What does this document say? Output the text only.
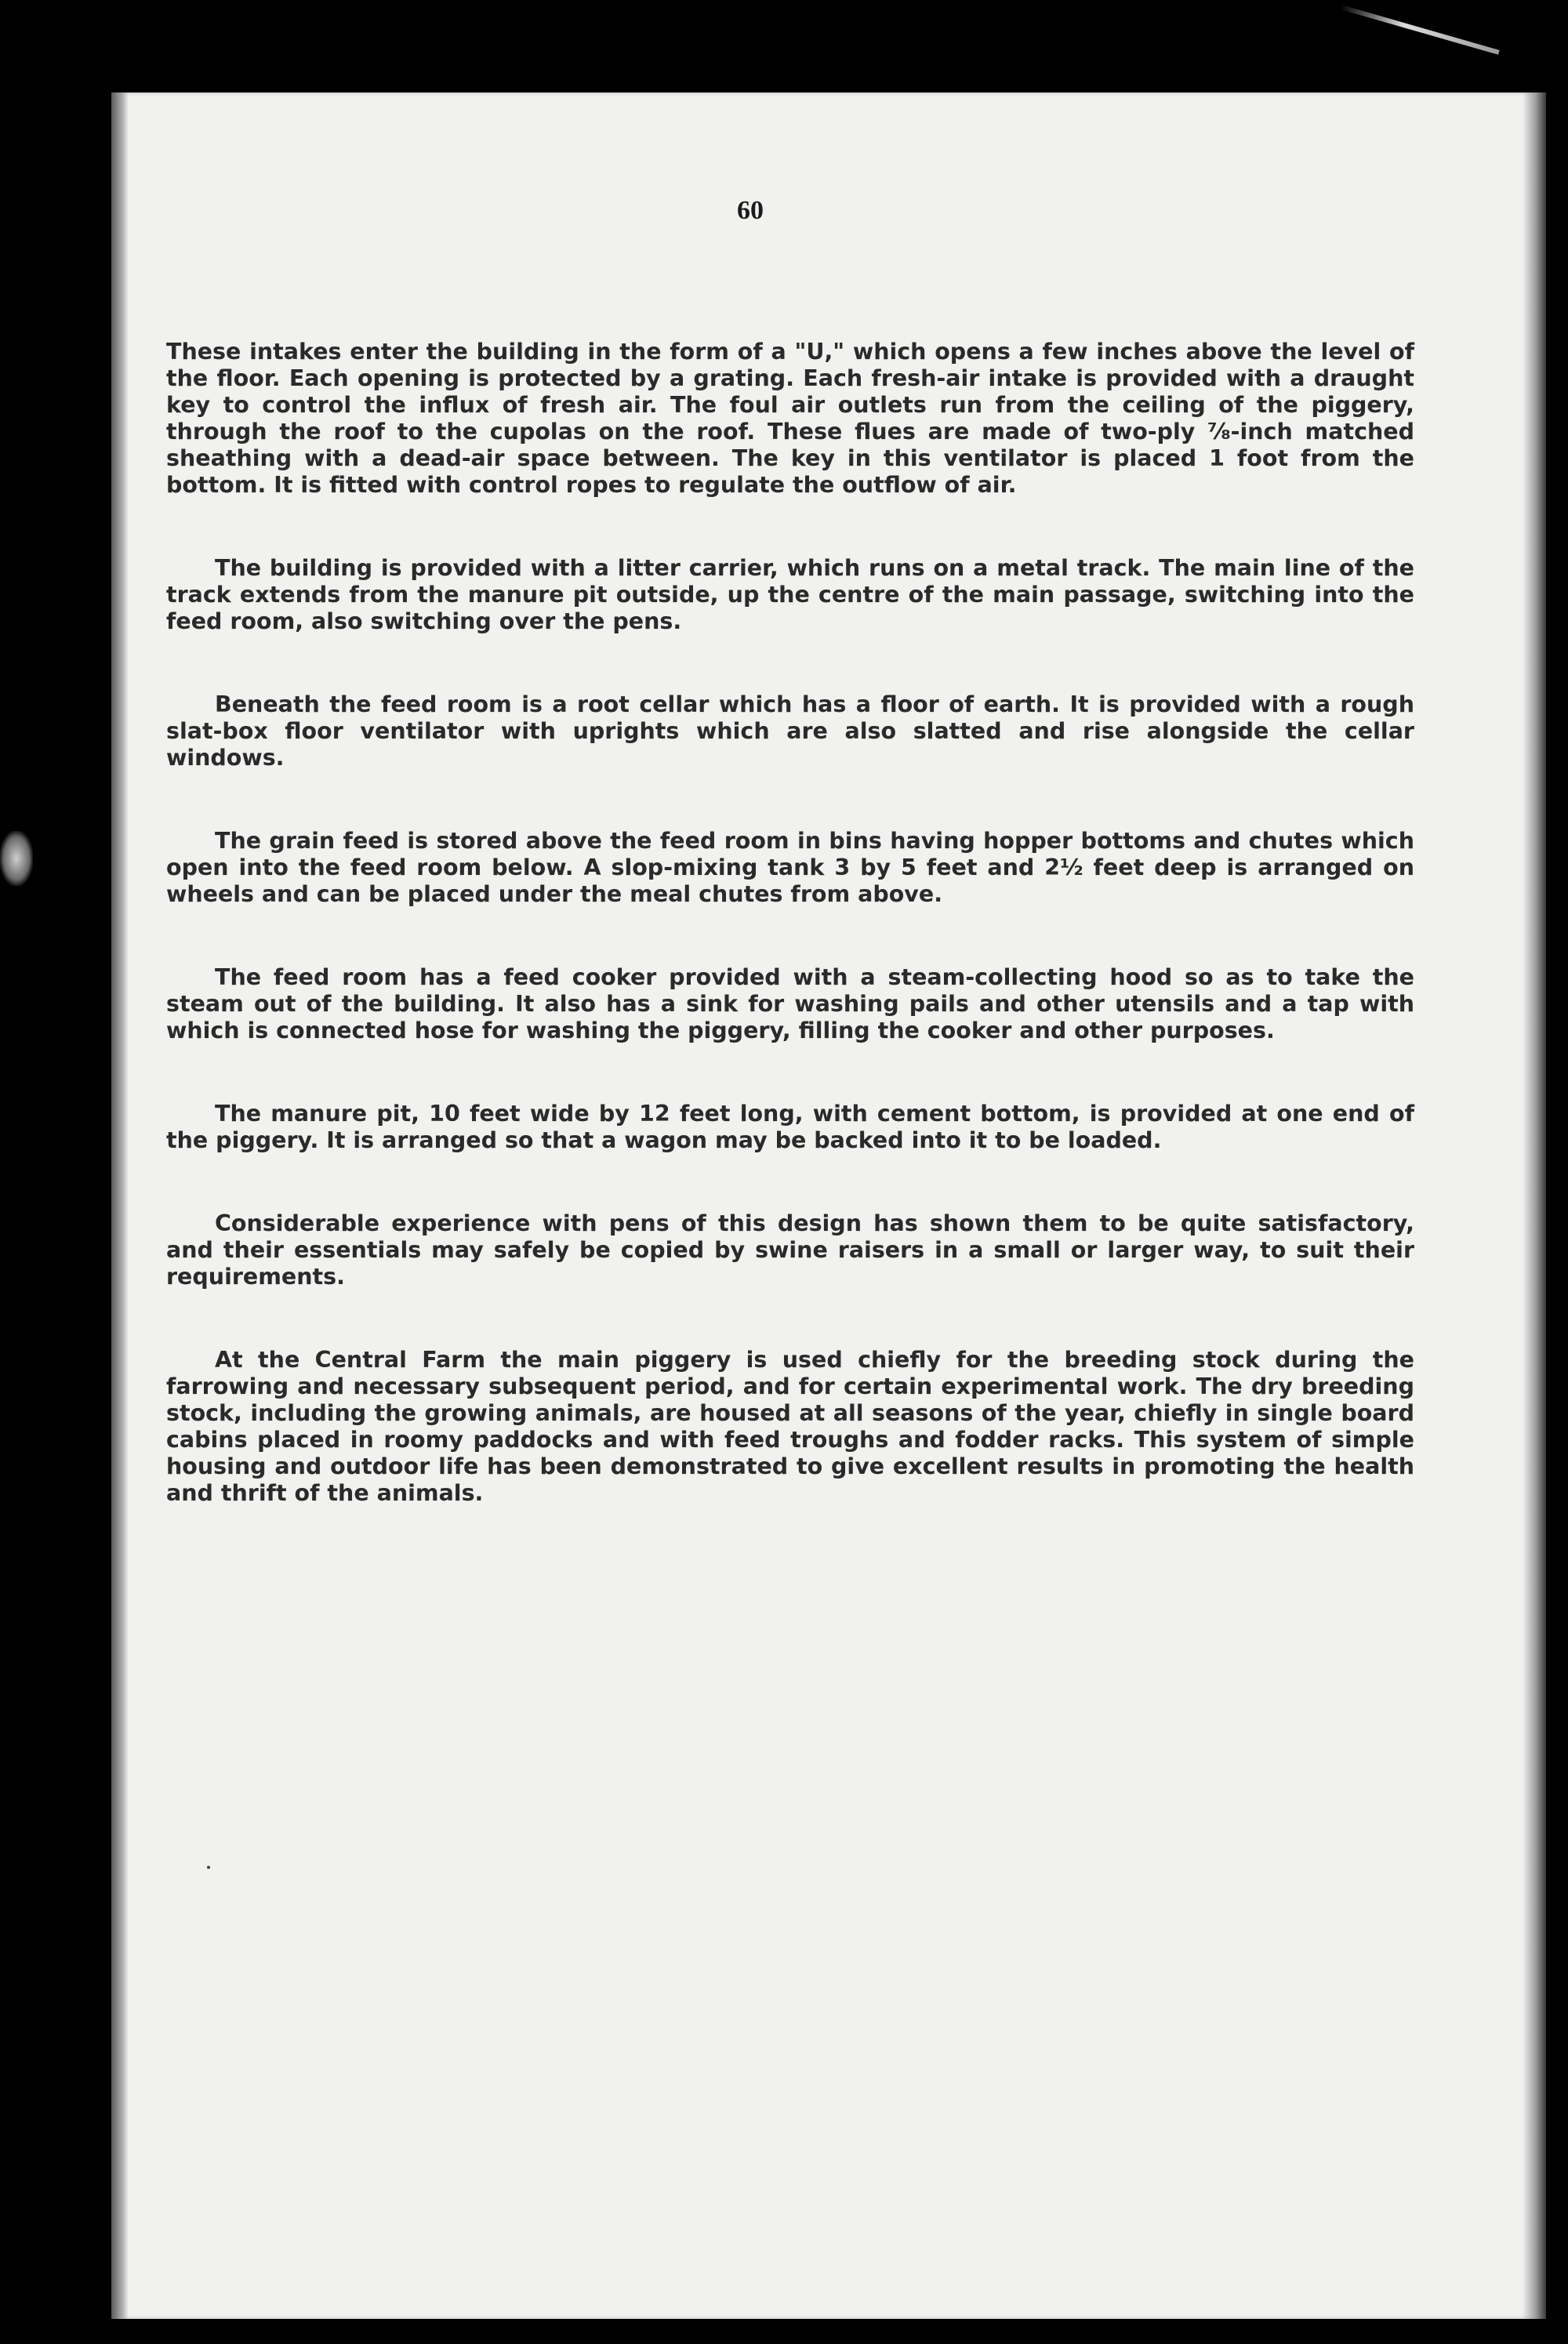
60

These intakes enter the building in the form of a "U," which opens a few inches above the level of the floor. Each opening is protected by a grating. Each fresh-air intake is provided with a draught key to control the influx of fresh air. The foul air outlets run from the ceiling of the piggery, through the roof to the cupolas on the roof. These flues are made of two-ply ⅞-inch matched sheathing with a dead-air space between. The key in this ventilator is placed 1 foot from the bottom. It is fitted with control ropes to regulate the outflow of air.

The building is provided with a litter carrier, which runs on a metal track. The main line of the track extends from the manure pit outside, up the centre of the main passage, switching into the feed room, also switching over the pens.

Beneath the feed room is a root cellar which has a floor of earth. It is provided with a rough slat-box floor ventilator with uprights which are also slatted and rise alongside the cellar windows.

The grain feed is stored above the feed room in bins having hopper bottoms and chutes which open into the feed room below. A slop-mixing tank 3 by 5 feet and 2½ feet deep is arranged on wheels and can be placed under the meal chutes from above.

The feed room has a feed cooker provided with a steam-collecting hood so as to take the steam out of the building. It also has a sink for washing pails and other utensils and a tap with which is connected hose for washing the piggery, filling the cooker and other purposes.

The manure pit, 10 feet wide by 12 feet long, with cement bottom, is provided at one end of the piggery. It is arranged so that a wagon may be backed into it to be loaded.

Considerable experience with pens of this design has shown them to be quite satisfactory, and their essentials may safely be copied by swine raisers in a small or larger way, to suit their requirements.

At the Central Farm the main piggery is used chiefly for the breeding stock during the farrowing and necessary subsequent period, and for certain experimental work. The dry breeding stock, including the growing animals, are housed at all seasons of the year, chiefly in single board cabins placed in roomy paddocks and with feed troughs and fodder racks. This system of simple housing and outdoor life has been demonstrated to give excellent results in promoting the health and thrift of the animals.
